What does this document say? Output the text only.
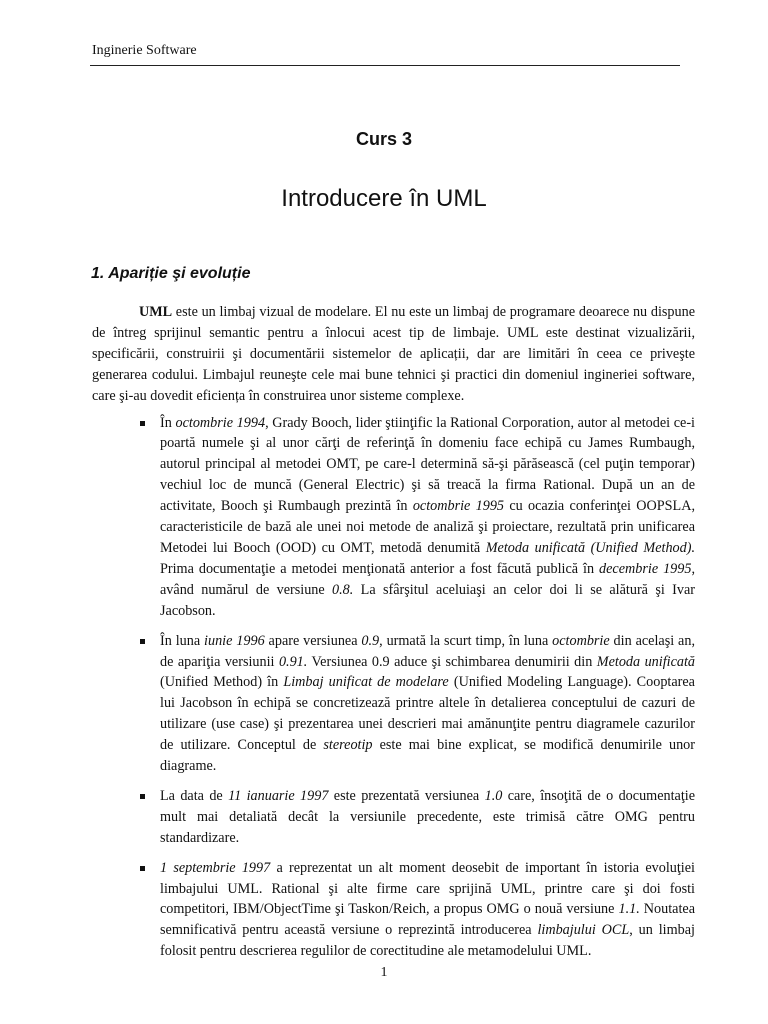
Inginerie Software
Curs 3
Introducere în UML
1. Apariție şi evoluție

UML este un limbaj vizual de modelare. El nu este un limbaj de programare deoarece nu dispune de întreg sprijinul semantic pentru a înlocui acest tip de limbaje. UML este destinat vizualizării, specificării, construirii şi documentării sistemelor de aplicații, dar are limitări în ceea ce priveşte generarea codului. Limbajul reuneşte cele mai bune tehnici şi practici din domeniul ingineriei software, care şi-au dovedit eficiența în construirea unor sisteme complexe.

În octombrie 1994, Grady Booch, lider ştiinţific la Rational Corporation, autor al metodei ce-i poartă numele şi al unor cărţi de referinţă în domeniu face echipă cu James Rumbaugh, autorul principal al metodei OMT, pe care-l determină să-şi părăsească (cel puţin temporar) vechiul loc de muncă (General Electric) şi să treacă la firma Rational. După un an de activitate, Booch şi Rumbaugh prezintă în octombrie 1995 cu ocazia conferinţei OOPSLA, caracteristicile de bază ale unei noi metode de analiză şi proiectare, rezultată prin unificarea Metodei lui Booch (OOD) cu OMT, metodă denumită Metoda unificată (Unified Method). Prima documentaţie a metodei menţionată anterior a fost făcută publică în decembrie 1995, având numărul de versiune 0.8. La sfârşitul aceluiaşi an celor doi li se alătură şi Ivar Jacobson.
În luna iunie 1996 apare versiunea 0.9, urmată la scurt timp, în luna octombrie din acelaşi an, de apariţia versiunii 0.91. Versiunea 0.9 aduce şi schimbarea denumirii din Metoda unificată (Unified Method) în Limbaj unificat de modelare (Unified Modeling Language). Cooptarea lui Jacobson în echipă se concretizează printre altele în detalierea conceptului de cazuri de utilizare (use case) şi prezentarea unei descrieri mai amănunţite pentru diagramele cazurilor de utilizare. Conceptul de stereotip este mai bine explicat, se modifică denumirile unor diagrame.
La data de 11 ianuarie 1997 este prezentată versiunea 1.0 care, însoţită de o documentaţie mult mai detaliată decât la versiunile precedente, este trimisă către OMG pentru standardizare.
1 septembrie 1997 a reprezentat un alt moment deosebit de important în istoria evoluţiei limbajului UML. Rational şi alte firme care sprijină UML, printre care şi doi fosti competitori, IBM/ObjectTime şi Taskon/Reich, a propus OMG o nouă versiune 1.1. Noutatea semnificativă pentru această versiune o reprezintă introducerea limbajului OCL, un limbaj folosit pentru descrierea regulilor de corectitudine ale metamodelului UML.
1
